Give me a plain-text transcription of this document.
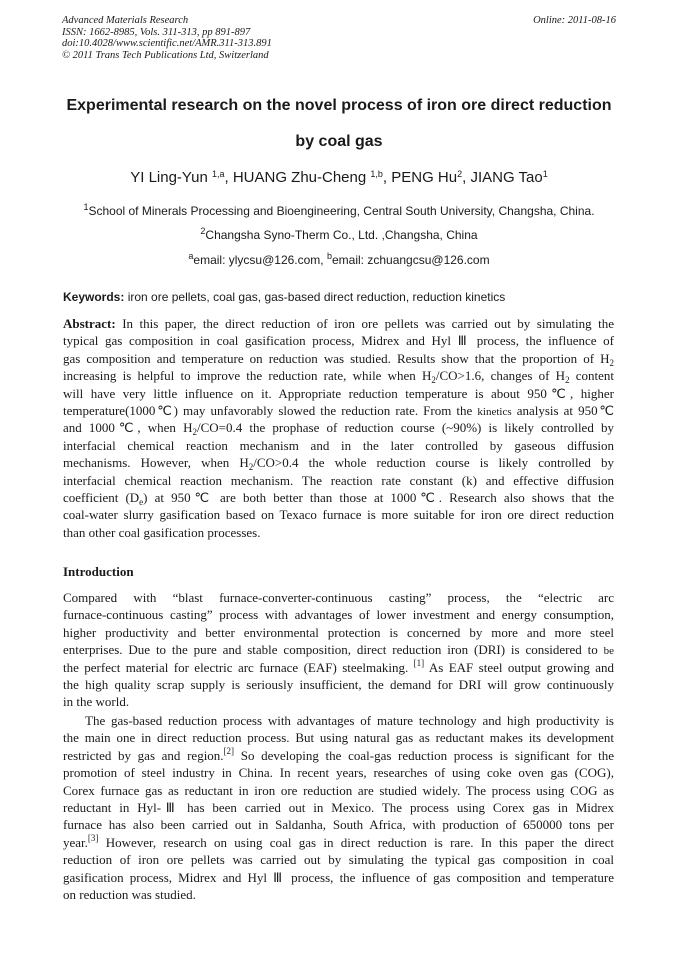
Advanced Materials Research
ISSN: 1662-8985, Vols. 311-313, pp 891-897
doi:10.4028/www.scientific.net/AMR.311-313.891
© 2011 Trans Tech Publications Ltd, Switzerland
Online: 2011-08-16
Experimental research on the novel process of iron ore direct reduction
by coal gas
YI Ling-Yun $^{1,a}$, HUANG Zhu-Cheng $^{1,b}$, PENG Hu$^2$, JIANG Tao$^1$
$^1$School of Minerals Processing and Bioengineering, Central South University, Changsha, China.
$^2$Changsha Syno-Therm Co., Ltd. ,Changsha, China
$^a$email: ylycsu@126.com, $^b$email: zchuangcsu@126.com
Keywords: iron ore pellets, coal gas, gas-based direct reduction, reduction kinetics
Abstract: In this paper, the direct reduction of iron ore pellets was carried out by simulating the
typical gas composition in coal gasification process, Midrex and Hyl Ⅲ process, the influence of
gas composition and temperature on reduction was studied. Results show that the proportion of $H_2$
increasing is helpful to improve the reduction rate, while when $H_2/CO>1.6$, changes of $H_2$ content
will have very little influence on it. Appropriate reduction temperature is about 950℃, higher
temperature(1000℃) may unfavorably slowed the reduction rate. From the kinetics analysis at 950℃
and 1000℃, when $H_2/CO=0.4$ the prophase of reduction course (~90%) is likely controlled by
interfacial chemical reaction mechanism and in the later controlled by gaseous diffusion
mechanisms. However, when $H_2/CO>0.4$ the whole reduction course is likely controlled by
interfacial chemical reaction mechanism. The reaction rate constant (k) and effective diffusion
coefficient $(D_e)$ at 950℃ are both better than those at 1000℃. Research also shows that the
coal-water slurry gasification based on Texaco furnace is more suitable for iron ore direct reduction
than other coal gasification processes.
Introduction
Compared with “blast furnace-converter-continuous casting” process, the “electric arc
furnace-continuous casting” process with advantages of lower investment and energy consumption,
higher productivity and better environmental protection is concerned by more and more steel
enterprises. Due to the pure and stable composition, direct reduction iron (DRI) is considered to be
the perfect material for electric arc furnace (EAF) steelmaking. [1] As EAF steel output growing and
the high quality scrap supply is seriously insufficient, the demand for DRI will grow continuously
in the world.
The gas-based reduction process with advantages of mature technology and high productivity is
the main one in direct reduction process. But using natural gas as reductant makes its development
restricted by gas and region.[2] So developing the coal-gas reduction process is significant for the
promotion of steel industry in China. In recent years, researches of using coke oven gas (COG),
Corex furnace gas as reductant in iron ore reduction are studied widely. The process using COG as
reductant in Hyl-Ⅲ has been carried out in Mexico. The process using Corex gas in Midrex
furnace has also been carried out in Saldanha, South Africa, with production of 650000 tons per
year.[3] However, research on using coal gas in direct reduction is rare. In this paper the direct
reduction of iron ore pellets was carried out by simulating the typical gas composition in coal
gasification process, Midrex and Hyl Ⅲ process, the influence of gas composition and temperature
on reduction was studied.
